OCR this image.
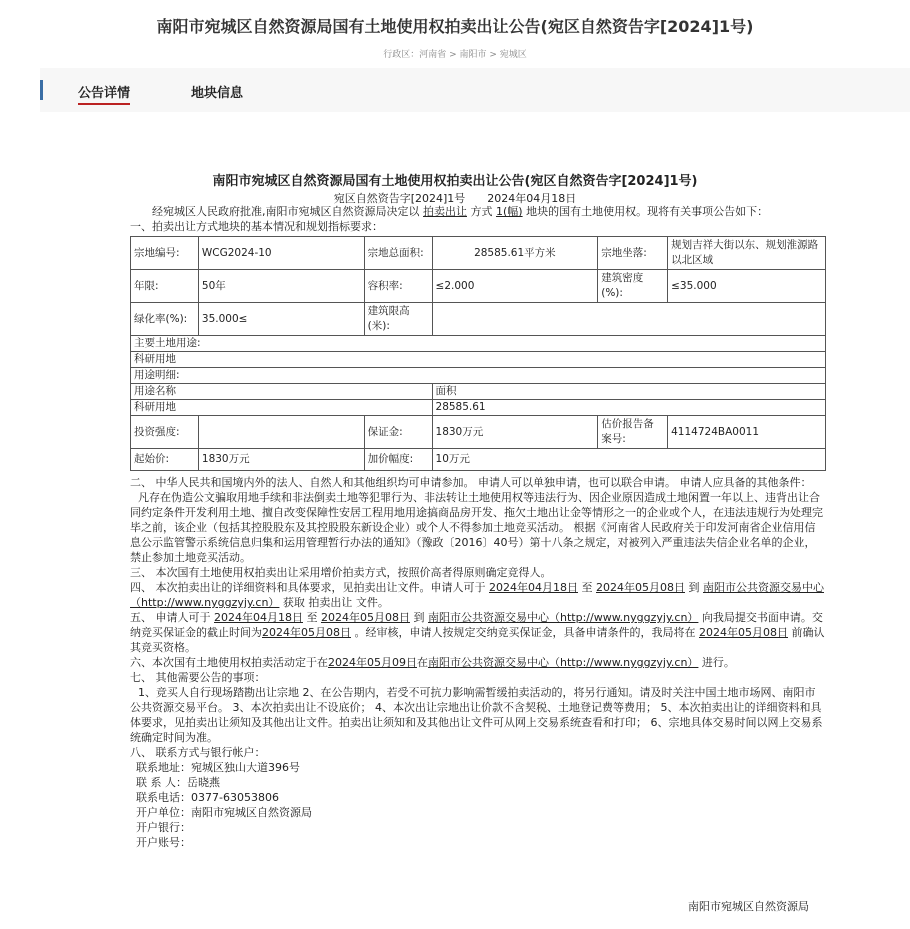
南阳市宛城区自然资源局国有土地使用权拍卖出让公告(宛区自然资告字[2024]1号)
行政区：河南省 > 南阳市 > 宛城区
公告详情	地块信息
南阳市宛城区自然资源局国有土地使用权拍卖出让公告(宛区自然资告字[2024]1号)
宛区自然资告字[2024]1号 2024年04月18日

经宛城区人民政府批准,南阳市宛城区自然资源局决定以 拍卖出让 方式 1(幅) 地块的国有土地使用权。现将有关事项公告如下：

一、拍卖出让方式地块的基本情况和规划指标要求：

宗地编号:	WCG2024-10	宗地总面积:	28585.61平方米	宗地坐落:	规划吉祥大街以东、规划淮源路以北区域
年限:	50年	容积率:	≤2.000	建筑密度(%):	≤35.000
绿化率(%):	35.000≤	建筑限高(米):			
主要土地用途:					
科研用地					
用途明细:					
用途名称			面积		
科研用地			28585.61		
投资强度:		保证金:	1830万元	估价报告备案号:	4114724BA0011
起始价:	1830万元	加价幅度:	10万元		

二、 中华人民共和国境内外的法人、自然人和其他组织均可申请参加。 申请人可以单独申请，也可以联合申请。 申请人应具备的其他条件：

凡存在伪造公文骗取用地手续和非法倒卖土地等犯罪行为、非法转让土地使用权等违法行为、因企业原因造成土地闲置一年以上、违背出让合同约定条件开发利用土地、擅自改变保障性安居工程用地用途搞商品房开发、拖欠土地出让金等情形之一的企业或个人，在违法违规行为处理完毕之前，该企业（包括其控股股东及其控股股东新设企业）或个人不得参加土地竞买活动。 根据《河南省人民政府关于印发河南省企业信用信息公示监管警示系统信息归集和运用管理暂行办法的通知》（豫政〔2016〕40号）第十八条之规定，对被列入严重违法失信企业名单的企业，禁止参加土地竞买活动。

三、 本次国有土地使用权拍卖出让采用增价拍卖方式，按照价高者得原则确定竞得人。

四、 本次拍卖出让的详细资料和具体要求，见拍卖出让文件。申请人可于 2024年04月18日 至 2024年05月08日 到 南阳市公共资源交易中心（http://www.nyggzyjy.cn） 获取 拍卖出让 文件。

五、 申请人可于 2024年04月18日 至 2024年05月08日 到 南阳市公共资源交易中心（http://www.nyggzyjy.cn） 向我局提交书面申请。交纳竞买保证金的截止时间为2024年05月08日 。经审核，申请人按规定交纳竞买保证金，具备申请条件的，我局将在 2024年05月08日 前确认其竞买资格。

六、本次国有土地使用权拍卖活动定于在2024年05月09日在南阳市公共资源交易中心（http://www.nyggzyjy.cn） 进行。

七、 其他需要公告的事项：

1、竞买人自行现场踏勘出让宗地 2、在公告期内，若受不可抗力影响需暂缓拍卖活动的，将另行通知。请及时关注中国土地市场网、南阳市公共资源交易平台。 3、本次拍卖出让不设底价； 4、本次出让宗地出让价款不含契税、土地登记费等费用； 5、本次拍卖出让的详细资料和具体要求，见拍卖出让须知及其他出让文件。拍卖出让须知和及其他出让文件可从网上交易系统查看和打印； 6、宗地具体交易时间以网上交易系统确定时间为准。

八、 联系方式与银行帐户：

联系地址：宛城区独山大道396号

联 系 人：岳晓燕

联系电话：0377-63053806

开户单位：南阳市宛城区自然资源局

开户银行：

开户账号：

南阳市宛城区自然资源局
